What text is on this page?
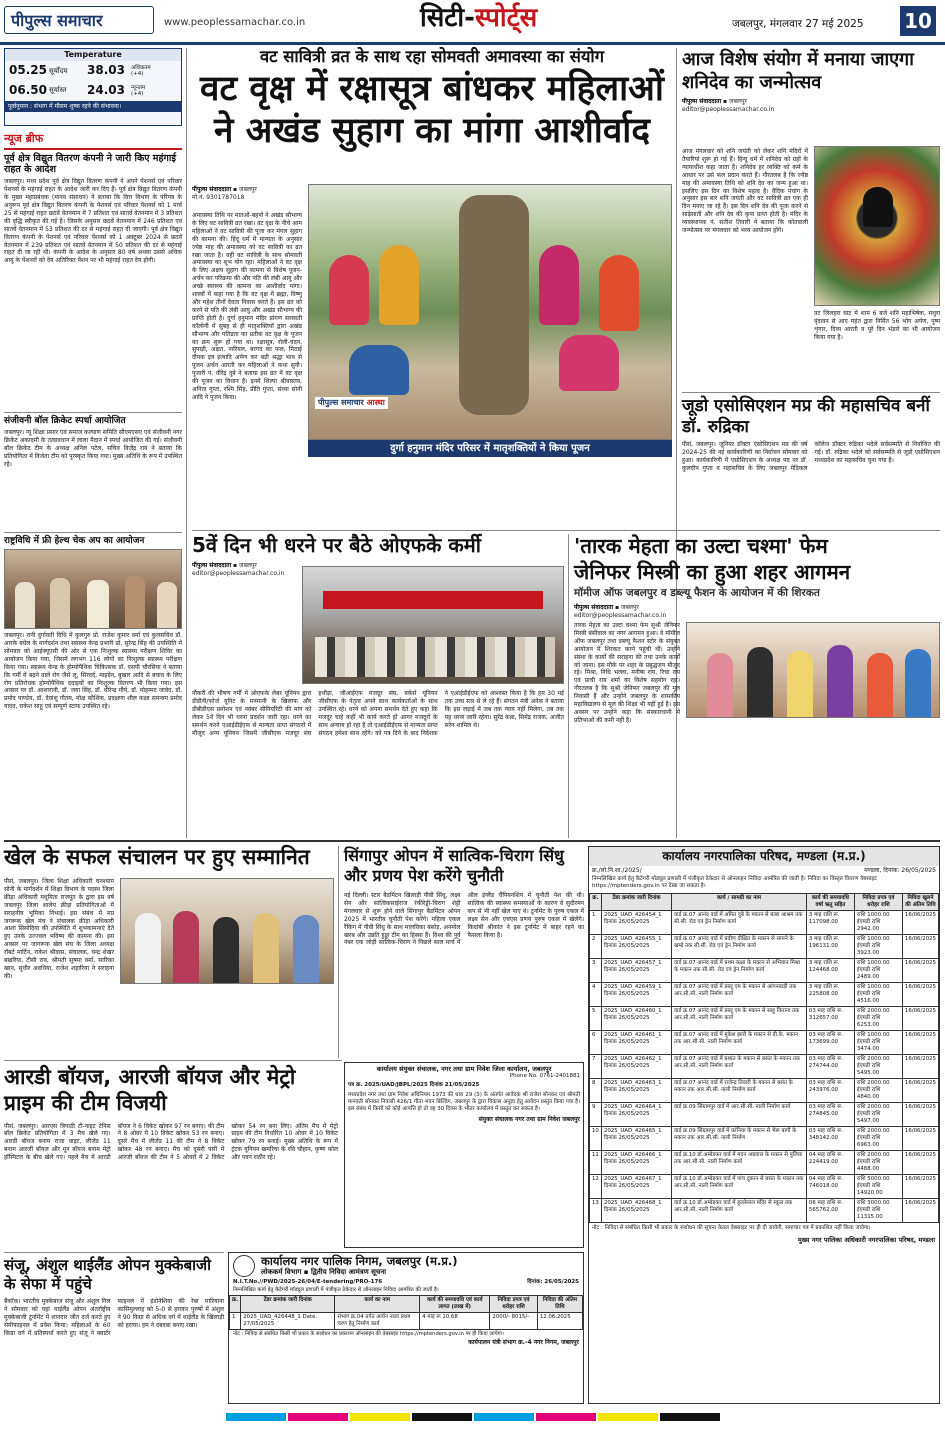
पीपुल्स समाचार	www.peoplessamachar.co.in	सिटी-स्पोर्ट्स	जबलपुर, मंगलवार 27 मई 2025 10
Temperature
05.25 सूर्योदय	38.03	अधिकतम
(+4)
06.50 सूर्यास्त	24.03	न्यूनतम
(+4)
पूर्वानुमान : संभाग में मौसम शुष्क रहने की संभावना।
न्यूज ब्रीफ
पूर्व क्षेत्र विद्युत वितरण कंपनी ने जारी किए महंगाई राहत के आदेश
जबलपुर। मध्य प्रदेश पूर्व क्षेत्र विद्युत वितरण कंपनी ने अपने पेंशनर्स एवं परिवार पेंशनर्स के महंगाई राहत के आदेश जारी कर दिए हैं। पूर्व क्षेत्र विद्युत वितरण कंपनी के मुख्य महाप्रबंधक (मानव संसाधन) ने बताया कि वित्त विभाग के परिपत्र के अनुरूप पूर्व क्षेत्र विद्युत वितरण कंपनी के पेंशनर्स एवं परिवार पेंशनर्स को 1 मार्च 25 से महंगाई राहत छठवें वेतनमान में 7 प्रतिशत एवं सातवें वेतनमान में 3 प्रतिशत की वृद्धि स्वीकृत की गई है। जिसके अनुसार छठवें वेतनमान में 246 प्रतिशत एवं सातवें वेतनमान में 53 प्रतिशत की दर से महंगाई राहत दी जाएगी। पूर्व क्षेत्र विद्युत वितरण कंपनी के पेंशनर्स एवं परिवार पेंशनर्स को 1 अक्टूबर 2024 से छठवें वेतनमान में 239 प्रतिशत एवं सातवें वेतनमान में 50 प्रतिशत की दर से महंगाई राहत दी जा रही थी। कंपनी के आदेश के अनुसार 80 वर्ष अथवा उससे अधिक आयु के पेंशनरों को देय अतिरिक्त पेंशन पर भी महंगाई राहत देय होगी।
संजीवनी बॉल क्रिकेट स्पर्धा आयोजित
जबलपुर। न्यू शिक्षा प्रसार एवं समाज कल्याण समिति सीएमएसए एवं संजीवनी नगर क्रिकेट अकादमी के तत्वावधान में लाला मैदान में स्पर्धा आयोजित की गई। संजीवनी बॉल क्रिकेट टीम के अध्यक्ष अनिल पटेल, सचिव विजेंद्र राय ने बताया कि प्रतियोगिता में विजेता टीम को पुरस्कृत किया गया। मुख्य अतिथि के रूप में उपस्थित रहे।
राष्ट्रविधि में फ्री हेल्थ चेक अप का आयोजन
जबलपुर। रानी दुर्गावती विधि में कुलगुरु प्रो. राजेश कुमार वर्मा एवं कुलसचिव डॉ. आरके बघेल के मार्गदर्शन तथा स्वास्थ्य केन्द्र प्रभारी प्रो. सुरेन्द्र सिंह की उपस्थिति में सोमवार को आईक्यूएसी की ओर से एक निःशुल्क स्वास्थ्य परीक्षण शिविर का आयोजन किया गया, जिसमें लगभग 116 लोगों का निःशुल्क स्वास्थ्य परीक्षण किया गया। स्वास्थ्य केन्द्र के होम्योपैथिक चिकित्सक डॉ. एसपी चौरसिया ने बताया कि गर्मी में बढ़ने वाले रोग जैसे लू, सिरदर्द, माइग्रेन, बुखार आदि से बचाव के लिए रोग प्रतिरोधक होम्योपैथिक दवाइयों का निःशुल्क वितरण भी किया गया। इस अवसर पर डॉ. आशारानी, डॉ. जया सिंह, डॉ. धीरेन्द्र मौर्य, डॉ. मोहम्मद जावेद, डॉ. प्रमोद पाण्डेय, डॉ. देवांशु गौतम, मोक्ष कौशिक, प्रदक्षणा शील कक्षा समन्वय प्रमोद यादव, राकेश साहू एवं सम्पूर्ण स्टाफ उपस्थित रहे।
वट सावित्री व्रत के साथ रहा सोमवती अमावस्या का संयोग
वट वृक्ष में रक्षासूत्र बांधकर महिलाओं
ने अखंड सुहाग का मांगा आशीर्वाद
पीपुल्स संवाददाता ▪ जबलपुर
मो.नं. 9301787018
अमावस्या तिथि पर मातओं-बहनों ने अखंड सौभाग्य के लिए वट सावित्री व्रत रखा। वट वृक्ष के नीचे आम महिलाओं ने वट सावित्री की पूजा कर मंगल सुहाग की कामना की। हिंदू धर्म में मान्यता के अनुसार ज्येष्ठ माह की अमावस्या को वट सावित्री का व्रत रखा जाता है। वहीं वट सावित्री के साथ सोमवती अमावस्या का शुभ योग रहा। महिलाओं ने वट वृक्ष के लिए अक्षय सुहाग की कामना से विशेष पूजन-अर्चन कर परिक्रमा की और पति की लंबी आयु और अच्छे स्वास्थ्य की कामना का आशीर्वाद मांगा। शास्त्रों में कहा गया है कि वट वृक्ष में ब्रह्मा, विष्णु और महेश तीनों देवता निवास करते हैं। इस व्रत को करने से पति की लंबी आयु और अखंड सौभाग्य की प्राप्ति होती है। दुर्गा हनुमान मंदिर प्रांगण सरस्वती कॉलोनी में सुबह से ही मातृशक्तियों द्वारा अखंड सौभाग्य और पतिव्रता का प्रतीक वट वृक्ष के पूजन का क्रम शुरू हो गया था। रक्षासूत्र, रोली-चंदन, सुपाड़ी, अक्षत, नारियल, बरगद का फल, मिठाई दीपक इत्र इत्यादि अर्पण कर बड़ी श्रद्धा भाव से पूजन अर्चन आरती कर महिलाओं ने कथा सुनी। पुजारी पं. वीरेंद्र दुबे ने बताया इस व्रत में वट वृक्ष की पूजन का विधान है। इनमें शिल्पा श्रीवास्तव, अनिता गुप्ता, रश्मि सिंह, प्रीति गुप्ता, संध्या सोनी आदि ने पूजन किया।
पीपुल्स समाचार आस्था
दुर्गा हनुमान मंदिर परिसर में मातृशक्तियों ने किया पूजन
आज विशेष संयोग में मनाया जाएगा शनिदेव का जन्मोत्सव
पीपुल्स संवाददाता ▪ जबलपुर
editor@peoplessamachar.co.in
आज मंगलवार को शनि जयंती को लेकर शनि मंदिरों में तैयारियां शुरू हो गई हैं। हिन्दू धर्म में शनिदेव को ग्रहों के न्यायाधीश कहा जाता है। शनिदेव हर व्यक्ति को कर्म के आधार पर उसे फल प्रदान करते हैं। गौरतलब है कि ज्येष्ठ माह की अमावस्या तिथि को शनि देव का जन्म हुआ था। इसलिए इस दिन का विशेष महत्व है। वैदिक पंचांग के अनुसार इस बार शनि जयंती और वट सावित्री व्रत एक ही दिन मनाए जा रहे हैं। इस दिन शनि देव की पूजा करने से साढ़ेसाती और शनि देव की कृपा प्राप्त होती है। मंदिर के व्यवस्थापक पं. सतीश तिवारी ने बताया कि कोतवाली जन्मोत्सव पर मंगलवार को भव्य आयोजन होंगे।
तट जिलहरा घाट में शाम 6 बजे शनि महाभिषेक, मथुरा वृंदावन से आए महंत द्वारा निर्मित 56 भोग अर्पण, पुष्प शृंगार, दिव्य आरती व पूरे दिन भंडारे का भी आयोजन किया गया है।
जूडो एसोसिएशन मप्र की महासचिव बनीं डॉ. रुद्रिका
पीसं, जबलपुर। जूनियर डॉक्टर एसोसिएशन मप्र की वर्ष 2024-25 की नई कार्यकारिणी का निर्वाचन सोमवार को हुआ। कार्यकारिणी में एसोसिएशन के अध्यक्ष पद पर डॉ. कुलदीप गुप्ता व महासचिव के लिए जबलपुर मेडिकल कॉलेज डॉक्टर रुद्रिका भदेले सर्वसम्मति से निर्वाचित की गई। डॉ. रुद्रिका भदेले को सर्वसम्मति से जूडो एसोसिएशन मध्यप्रदेश का महासचिव चुना गया है।
5वें दिन भी धरने पर बैठे ओएफके कर्मी
पीपुल्स संवाददाता ▪ जबलपुर
editor@peoplessamachar.co.in
नौकरी की भीषण गर्मी में ओएफके लेबर यूनियन द्वारा डीडीनी/फोर्ज यूनिट के मनमानी के खिलाफ और डीबीडीएस प्रमोशन एवं नवंबर सीनियरिटी की मांग को लेकर 5वें दिन भी धरना प्रदर्शन जारी रहा। धरने का समर्थन करने एआईडीईएफ से मान्यता प्राप्त संगठनों में मौजूद अन्य यूनियन जिसमें जीसीएफ मजदूर संघ हथौड़ा, जीआईएफ मजदूर संघ, वर्कर्स यूनियन जीसीएफ के नेतृत्व अपने साथ कार्यकर्ताओं के साथ उपस्थित रहे। धरने को अपना समर्थन देते हुए कहा कि मजदूर चाहे कहीं भी कार्य करते हों आगर मजदूरों के साथ अन्याय हो रहा है तो एआईडीईएफ से मान्यता प्राप्त संगठन हमेशा साथ रहेंगे। को पत्र दिने के बाद निदेशक ने एआईडीईएफ को आश्वस्त किया है कि हम 30 मई तक उच्च स्तर से ले रहे हैं। संगठन मंत्री अनेक ने बताया कि इस लड़ाई में जब तक न्याय नहीं मिलेगा, तब तक यह धरना जारी रहेगा। सुरेंद्र कन्ना, सिमेंद्र राजक, अजीत सरेन शामिल थे।
'तारक मेहता का उल्टा चश्मा' फेम
जेनिफर मिस्त्री का हुआ शहर आगमन
मॉमीज ऑफ जबलपुर व डब्ल्यू फैशन के आयोजन में की शिरकत
पीपुल्स संवाददाता ▪ जबलपुर
editor@peoplessamachar.co.in
तारक मेहता का उल्टा चश्मा फेम सुश्री जेनिफर मिस्त्री बंसीवाल का नगर आगमन हुआ। वे मॉमीज ऑफ जबलपुर तथा डब्ल्यू फैशन स्टोर के संयुक्त आयोजन में शिरकत करने पहुंची थीं। उन्होंने संस्था के कार्यों की सराहना की तथा उनके कार्यों को जाना। इस मौके पर शहर के प्रबुद्धजन मौजूद रहे। मिश्रा, निधि भल्ला, मनीषा राय, रिचा राय एवं प्राची राय शर्मा का विशेष सहयोग रहा। गौरतलब है कि सुश्री जेनिफर जबलपुर की मूल निवासी हैं और उन्होंने जबलपुर के शासकीय महाविद्यालय से मूल की शिक्षा भी यहीं हुई है। इस अवसर पर उन्होंने कहा कि संस्कारधानी में प्रतिभाओं की कमी नहीं है।
खेल के सफल संचालन पर हुए सम्मानित
पीसं, जबलपुर। जिला शिक्षा अधिकारी घनश्याम सोनी के मार्गदर्शन में शिक्षा विभाग के पदस्थ जिला क्रीड़ा अधिकारी मधुमिता राजपूत के द्वारा इस वर्ष जबलपुर जिला शालेय क्रीड़ा प्रतियोगिताओं में सराहनीय भूमिका निभाई। इस संबंध में मप्र जगरूक खेल मंच ने संचालक क्रीड़ा अधिकारी आशा सिसोदिया की उपस्थिति में शुभकामनाएं देते हुए उनके उज्ज्वल भविष्य की कामना की। इस अवसर पर जागरूक खेल संघ के जिला अध्यक्ष रॉबर्ट मार्टिन, राकेश श्रीवास, संचालक, चन्द्र शेखर बखरिया, टीसी राव, श्रीमती सुषमा वर्मा, सारिका खान, सुधीर अवधिया, राजेश शहारिया ने सराहना की।
सिंगापुर ओपन में सात्विक-चिराग सिंधु और प्रणय पेश करेंगे चुनौती
नई दिल्ली। स्टार बैडमिंटन खिलाड़ी पीवी सिंधु, लक्ष्य सेन और सात्विकसाईराज रंकीरेड्डी-चिराग शेट्टी मंगलवार से शुरू होने वाले सिंगापुर बैडमिंटन ओपन 2025 में भारतीय चुनौती पेश करेंगे। महिला एकल रैंकिंग में पीवी सिंधु के साथ मालविका बंसोड़, अनमोल खरब और उन्नति हुड्डा टीम का हिस्सा हैं। विश्व की पूर्व नंबर एक जोड़ी सात्विक-चिराग ने पिछले साल मार्च में ऑल इंग्लैंड चैंपियनशिप में चुनौती पेश की थी। सात्विक की स्वास्थ्य समस्याओं के कारण वे सुदीरमन कप से भी नहीं खेल पाए थे। टूर्नामेंट के पुरुष एकल में लक्ष्य सेन और एचएस प्रणय पुरुष एकल में खेलेंगे। किदांबी श्रीकांत ने इस टूर्नामेंट में बाहर रहने का फैसला किया है।
कार्यालय नगरपालिका परिषद, मण्डला (म.प्र.)
क्र./लो.नि.शा./2025/	मण्डला, दिनांक: 26/05/2025
निम्नलिखित कार्य हेतु कैटेगरी मॉड्यूल प्रणाली में पंजीकृत ठेकेदार से ऑनलाइन निविदा आमंत्रित की जाती है। निविदा का विस्तृत विवरण वेबसाइट https://mptenders.gov.in पर देखा जा सकता है।
क्र.	टेंडर क्रमांक जारी दिनांक	कार्य / सामग्री का नाम	कार्य की समयावधि वर्षा ऋतु सहित	निविदा प्रपत्र एवं धरोहर राशि	निविदा खुलने की अंतिम तिथि
1	2025_UAD_426454_1 दिनांक 26/05/2025	वार्ड क्र.07 आनंद वार्ड में अमित दुबे के मकान से बाबा आश्रम तक सी.सी. रोड एवं ड्रेन निर्माण कार्य	3 माह राशि रू. 117098.00	राशि 1000.00 ईएमडी राशि 2942.00	16/06/2025
2	2025_UAD_426455_1 दिनांक 26/05/2025	वार्ड क्र.07 आनंद वार्ड में प्रवीण दीक्षित के मकान से सामने के खम्बे तक सी.सी. रोड एवं ड्रेन निर्माण कार्य	3 माह राशि रू. 196131.00	राशि 1000.00 ईएमडी राशि 3923.00	16/06/2025
3	2025_UAD_426457_1 दिनांक 26/05/2025	वार्ड क्र.07 आनंद वार्ड में प्रथम कक्षा के मकान से अभियान मिश्रा के मकान तक सी.सी. रोड एवं ड्रेन निर्माण कार्य	3 माह राशि रू. 124468.00	राशि 1000.00 ईएमडी राशि 2489.00	16/06/2025
4	2025_UAD_426459_1 दिनांक 26/05/2025	वार्ड क्र.07 आनंद वार्ड में डब्लू एम के मकान से आंगनबाड़ी तक आर.सी.सी. नाली निर्माण कार्य	3 माह राशि रू. 225808.00	राशि 1000.00 ईएमडी राशि 4516.00	16/06/2025
5	2025_UAD_426460_1 दिनांक 26/05/2025	वार्ड क्र.07 आनंद वार्ड में डब्लू एम के मकान से साहू किराना तक आर.सी.सी. नाली निर्माण कार्य	03 माह राशि रू. 312657.00	राशि 2000.00 ईएमडी राशि 6253.00	16/06/2025
6	2025_UAD_426461_1 दिनांक 26/05/2025	वार्ड क्र.07 आनंद वार्ड में मुकेश झारी के मकान से डी.के. मकान तक आर.सी.सी. नाली निर्माण कार्य	03 माह राशि रू. 173699.00	राशि 1000.00 ईएमडी राशि 3474.00	16/06/2025
7	2025_UAD_426462_1 दिनांक 26/05/2025	वार्ड क्र.07 आनंद वार्ड में प्रशांत के मकान से बसंत के मकान तक आर.सी.सी. नाली निर्माण कार्य	03 माह राशि रू. 274744.00	राशि 2000.00 ईएमडी राशि 5495.00	16/06/2025
8	2025_UAD_426463_1 दिनांक 26/05/2025	वार्ड क्र.07 आनंद वार्ड में राजेन्द्र तिवारी के मकान से बसंत के मकान तक आर.सी.सी. नाली निर्माण कार्य	03 माह राशि रू. 243976.00	राशि 2000.00 ईएमडी राशि 4840.00	16/06/2025
9	2025_UAD_426464_1 दिनांक 26/05/2025	वार्ड क्र.09 सिंग्रामपुर वार्ड में आर.सी.सी. नाली निर्माण कार्य	03 माह राशि रू. 274845.00	राशि 2000.00 ईएमडी राशि 5497.00	16/06/2025
10	2025_UAD_426465_1 दिनांक 26/05/2025	वार्ड क्र.09 सिंग्रामपुर वार्ड में कांनिया के मकान से भैरू बागी के मकान तक आर.सी.सी. नाली निर्माण	03 माह राशि रू. 348142.00	राशि 2000.00 ईएमडी राशि 6963.00	16/06/2025
11	2025_UAD_426466_1 दिनांक 26/05/2025	वार्ड क्र.10 डॉ.अम्बेडकर वार्ड में मदन अग्रवाल के मकान से पुलिया तक आर.सी.सी. नाली निर्माण कार्य	04 माह राशि रू. 224419.00	राशि 2000.00 ईएमडी राशि 4488.00	16/06/2025
12	2025_UAD_426467_1 दिनांक 26/05/2025	वार्ड क्र.10 डॉ.अम्बेडकर वार्ड में पांच दुकान से बसंत के मकान तक आर.सी.सी. नाली निर्माण कार्य	04 माह राशि रू. 746018.00	राशि 5000.00 ईएमडी राशि 14920.00	16/06/2025
13	2025_UAD_426468_1 दिनांक 26/05/2025	वार्ड क्र.10 डॉ.अम्बेडकर वार्ड में हुल्लेलाल मंदिर से स्कूल तक आर.सी.सी. नाली निर्माण कार्य	06 माह राशि रू. 565762.00	राशि 3000.00 ईएमडी राशि 11315.00	16/06/2025
नोट : निविदा से संबंधित किसी भी प्रकार के संशोधन की सूचना केवल वेबसाइट पर ही दी जावेगी, समाचार पत्र में प्रकाशित नहीं किया जावेगा।
मुख्य नगर पालिका अधिकारी नगरपालिका परिषद, मण्डला
आरडी बॉयज, आरजी बॉयज और मेट्रो प्राइम की टीम विजयी
पीसं, जबलपुर। आरएस त्रिपाठी टी-नाइट टेनिस बॉल क्रिकेट प्रतियोगिता में 3 मैच खेले गए। आरडी बॉयज बनाम राजा वाइट, लीजेंड 11 बनाम आरजी बॉयज और मून बॉयज बनाम मेट्रो हॉस्पिटल के बीच खेले गए। पहले मैच में आरडी बॉयज ने 6 विकेट खोकर 97 रन बनाए। की टीम ने 8 ओवर में 10 विकेट खोकर 53 रन बनाए। दूसरे मैच में लीजेंड 11 की टीम ने 8 विकेट खोकर 48 रन बनाए। मैच को दूसरी पारी में आरजी बॉयज की टीम ने 5 ओवरों में 2 विकेट खोकर 54 रन बना लिए। अंतिम मैच में मेट्रो प्राइम की टीम निर्धारित 10 ओवर में 10 विकेट खोकर 79 रन बनाई। मुख्य अतिथि के रूप में ट्रंटक यूनियन खमरिया के रवि चौहान, कृष्ण कोल और पवन राठौर रहे।
कार्यालय संयुक्त संचालक, नगर तथा ग्राम निवेश जिला कार्यालय, जबलपुर
Phone No. 0761-2401881
पत्र क्र. 2025/UAD/JBPL/2025 दिनांक 21/05/2025
मध्यप्रदेश नगर तथा ग्राम निवेश अधिनियम 1973 की धारा 29 (3) के अंतर्गत आवेदक श्री राजेश सोनकर एवं श्रीमती मानवती सोनकर निवासी 426/1 गीता भवन बिल्डिंग, जबलपुर के द्वारा विकास अनुज्ञा हेतु आवेदन प्रस्तुत किया गया है। इस संबंध में किसी को कोई आपत्ति हो तो वह 30 दिवस के भीतर कार्यालय में प्रस्तुत कर सकता है।
संयुक्त संचालक नगर तथा ग्राम निवेश जबलपुर
संजू, अंशुल थाईलैंड ओपन मुक्केबाजी के सेफा में पहुंचे
बैंकॉक। भारतीय मुक्केबाज संजू और अंशुल गिल ने सोमवार को यहां थाईलैंड ओपन अंतर्राष्ट्रीय मुक्केबाजी टूर्नामेंट में शानदार जीत दर्ज करते हुए सेमीफाइनल में प्रवेश किया। महिलाओं के 60 किग्रा वर्ग में प्रतिस्पर्धा करते हुए संजू ने क्वार्टर फाइनल में इंडोनेशिया की रेबा मारियाना कासिमुल्लाह को 5-0 से हराकर पुरुषों में अंशुल ने 90 किग्रा से अधिक वर्ग में थाईलैंड के खिलाड़ी को हराया। हम ने दबदबा बनाए रखा।
कार्यालय नगर पालिक निगम, जबलपुर (म.प्र.)
लोककर्म विभाग ▪ द्वितीय निविदा आमंत्रण सूचना
N.I.T.No.//PWD/2025-26/04/E-tendering/PRO-176	दिनांक: 26/05/2025
निम्नलिखित कार्य हेतु कैटेगरी मॉड्यूल प्रणाली में पंजीकृत ठेकेदार से ऑनलाइन निविदा आमंत्रित की जाती है।
क्र.	टेंडर क्रमांक जारी दिनांक	कार्य का नाम	कार्य की समयावधि एवं कार्य लागत (लाख में)	निविदा प्रपत्र एवं धरोहर राशि	निविदा की अंतिम तिथि
1	2025_UAD_426448_1 Date. 27/05/2025	संभाग क्र.04 तर्गत आर्यन नाला प्रथम चरण हेतु निर्माण कार्य	4 माह रू.10.68	2000/- 8015/-	12.06.2025
नोट : निविदा से संबंधित किसी भी प्रकार के संशोधन का प्रकाशन ऑनलाइन की वेबसाइट https://mptenders.gov.in पर ही किया जायेगा।
कार्यपालन यंत्री संभाग क्र.-4 नगर निगम, जबलपुर
